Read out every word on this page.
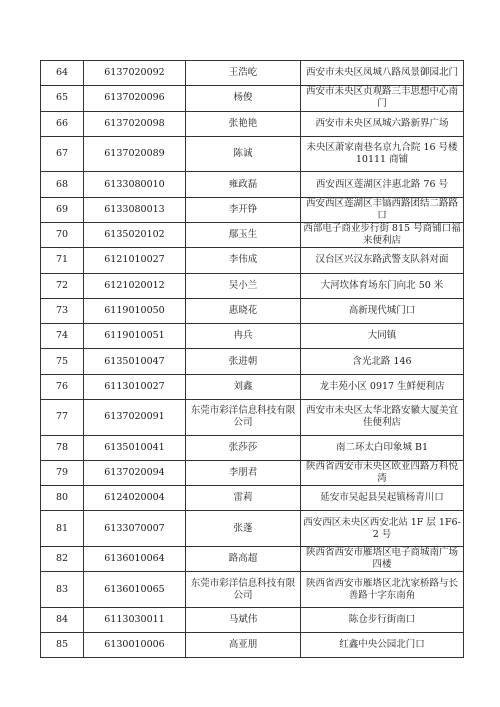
64	6137020092	王浩屹	西安市未央区凤城八路凤景御园北门
65	6137020096	杨俊	西安市未央区贞观路三丰思想中心南门
66	6137020098	张艳艳	西安市未央区凤城六路新界广场
67	6137020089	陈诚	未央区萧家南巷名京九合院 16 号楼 10111 商铺
68	6133080010	雍政磊	西安西区莲湖区沣惠北路 76 号
69	6133080013	李开铮	西安西区莲湖区丰镐西路团结二路路口
70	6135020102	鄢玉生	西部电子商业步行街 815 号商铺口福来便利店
71	6121010027	李伟成	汉台区兴汉东路武警支队斜对面
72	6121020012	吴小兰	大河坎体育场东门向北 50 米
73	6119010050	惠晓花	高新现代城门口
74	6119010051	冉兵	大同镇
75	6135010047	张进朝	含光北路 146
76	6113010027	刘鑫	龙丰苑小区 0917 生鲜便利店
77	6137020091	东莞市彩洋信息科技有限公司	西安市未央区太华北路安徽大厦美宜佳便利店
78	6135010041	张莎莎	南二环太白印象城 B1
79	6137020094	李朋君	陕西省西安市未央区欧亚四路万科悦湾
80	6124020004	雷莉	延安市吴起县吴起镇杨青川口
81	6133070007	张蓬	西安西区未央区西安北站 1F 层 1F6-2 号
82	6136010064	路高超	陕西省西安市雁塔区电子商城南广场四楼
83	6136010065	东莞市彩洋信息科技有限公司	陕西省西安市雁塔区北沈家桥路与长善路十字东南角
84	6113030011	马斌伟	陈仓步行街南口
85	6130010006	高亚朋	红鑫中央公园北门口
